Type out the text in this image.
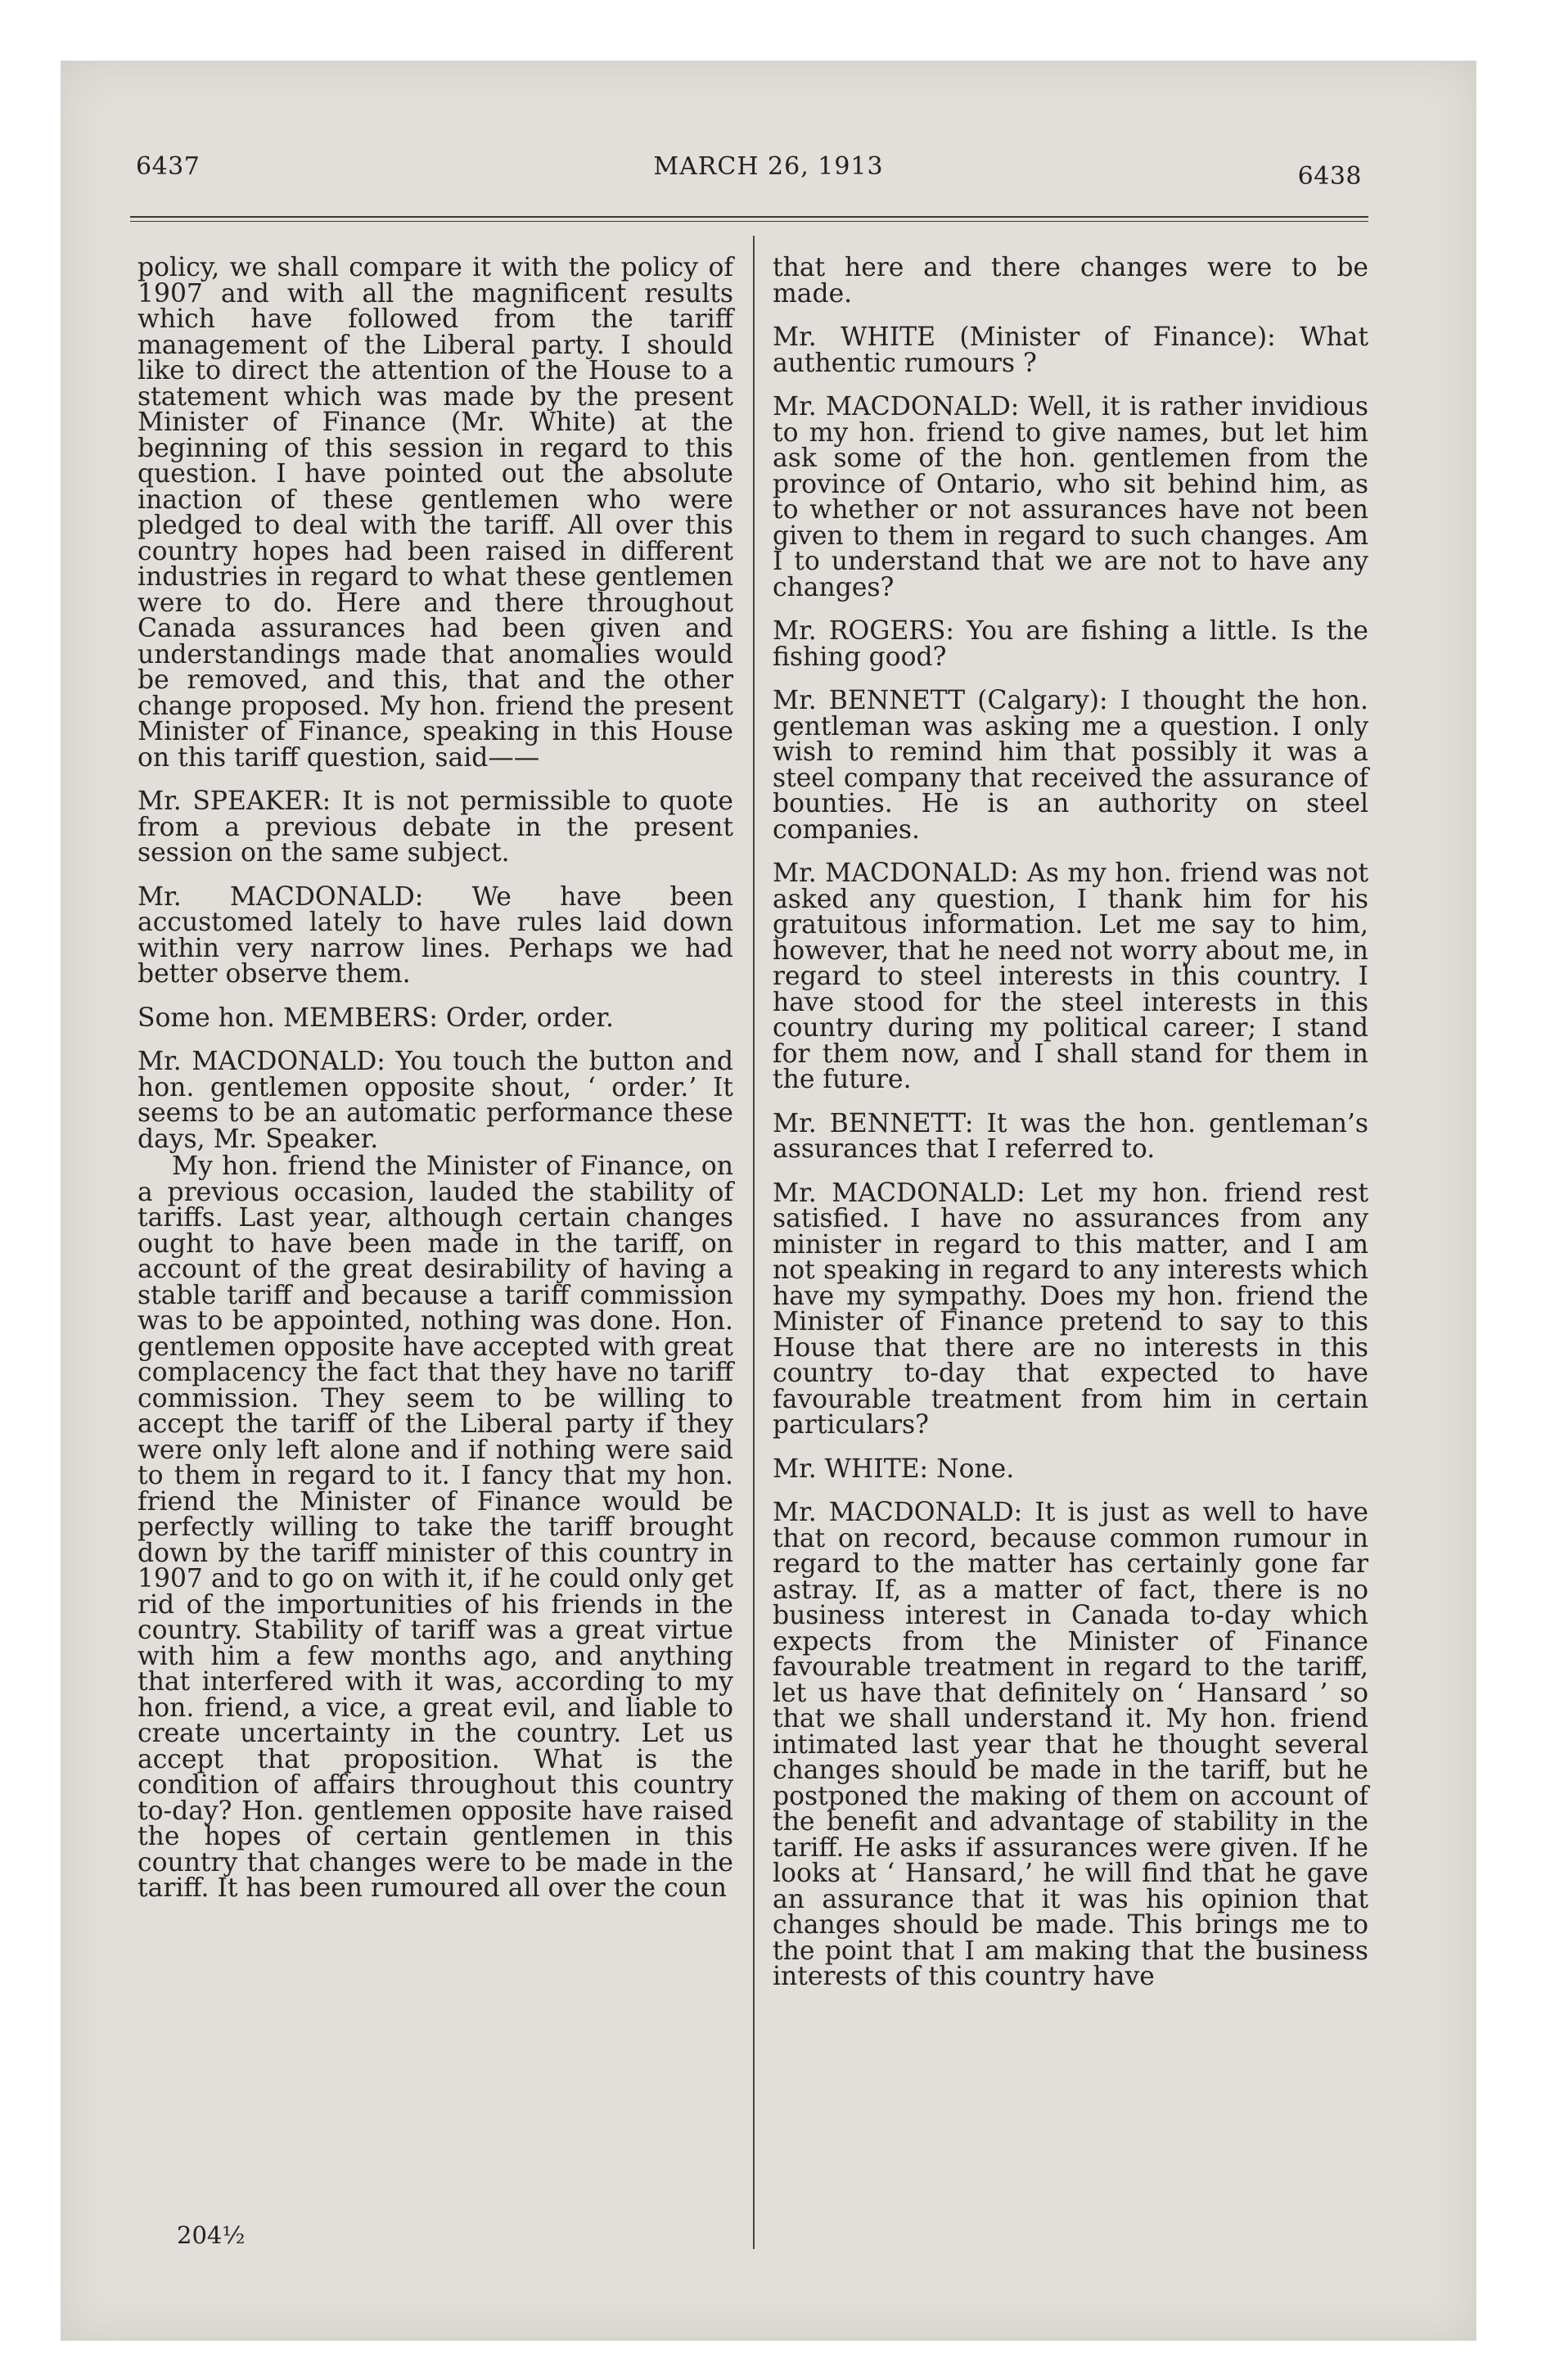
6437	MARCH 26, 1913	6438

policy, we shall compare it with the policy of 1907 and with all the magnificent results which have followed from the tariff management of the Liberal party. I should like to direct the attention of the House to a statement which was made by the present Minister of Finance (Mr. White) at the beginning of this session in regard to this question. I have pointed out the absolute inaction of these gentlemen who were pledged to deal with the tariff. All over this country hopes had been raised in different industries in regard to what these gentlemen were to do. Here and there throughout Canada assurances had been given and understandings made that anomalies would be removed, and this, that and the other change proposed. My hon. friend the present Minister of Finance, speaking in this House on this tariff question, said——

Mr. SPEAKER: It is not permissible to quote from a previous debate in the present session on the same subject.

Mr. MACDONALD: We have been accustomed lately to have rules laid down within very narrow lines. Perhaps we had better observe them.

Some hon. MEMBERS: Order, order.

Mr. MACDONALD: You touch the button and hon. gentlemen opposite shout, ‘ order.’ It seems to be an automatic performance these days, Mr. Speaker.

My hon. friend the Minister of Finance, on a previous occasion, lauded the stability of tariffs. Last year, although certain changes ought to have been made in the tariff, on account of the great desirability of having a stable tariff and because a tariff commission was to be appointed, nothing was done. Hon. gentlemen opposite have accepted with great complacency the fact that they have no tariff commission. They seem to be willing to accept the tariff of the Liberal party if they were only left alone and if nothing were said to them in regard to it. I fancy that my hon. friend the Minister of Finance would be perfectly willing to take the tariff brought down by the tariff minister of this country in 1907 and to go on with it, if he could only get rid of the importunities of his friends in the country. Stability of tariff was a great virtue with him a few months ago, and anything that interfered with it was, according to my hon. friend, a vice, a great evil, and liable to create uncertainty in the country. Let us accept that proposition. What is the condition of affairs throughout this country to-day? Hon. gentlemen opposite have raised the hopes of certain gentlemen in this country that changes were to be made in the tariff. It has been rumoured all over the coun

that here and there changes were to be made.

Mr. WHITE (Minister of Finance): What authentic rumours ?

Mr. MACDONALD: Well, it is rather invidious to my hon. friend to give names, but let him ask some of the hon. gentlemen from the province of Ontario, who sit behind him, as to whether or not assurances have not been given to them in regard to such changes. Am I to understand that we are not to have any changes?

Mr. ROGERS: You are fishing a little. Is the fishing good?

Mr. BENNETT (Calgary): I thought the hon. gentleman was asking me a question. I only wish to remind him that possibly it was a steel company that received the assurance of bounties. He is an authority on steel companies.

Mr. MACDONALD: As my hon. friend was not asked any question, I thank him for his gratuitous information. Let me say to him, however, that he need not worry about me, in regard to steel interests in this country. I have stood for the steel interests in this country during my political career; I stand for them now, and I shall stand for them in the future.

Mr. BENNETT: It was the hon. gentleman’s assurances that I referred to.

Mr. MACDONALD: Let my hon. friend rest satisfied. I have no assurances from any minister in regard to this matter, and I am not speaking in regard to any interests which have my sympathy. Does my hon. friend the Minister of Finance pretend to say to this House that there are no interests in this country to-day that expected to have favourable treatment from him in certain particulars?

Mr. WHITE: None.

Mr. MACDONALD: It is just as well to have that on record, because common rumour in regard to the matter has certainly gone far astray. If, as a matter of fact, there is no business interest in Canada to-day which expects from the Minister of Finance favourable treatment in regard to the tariff, let us have that definitely on ‘ Hansard ’ so that we shall understand it. My hon. friend intimated last year that he thought several changes should be made in the tariff, but he postponed the making of them on account of the benefit and advantage of stability in the tariff. He asks if assurances were given. If he looks at ‘ Hansard,’ he will find that he gave an assurance that it was his opinion that changes should be made. This brings me to the point that I am making that the business interests of this country have

204½
